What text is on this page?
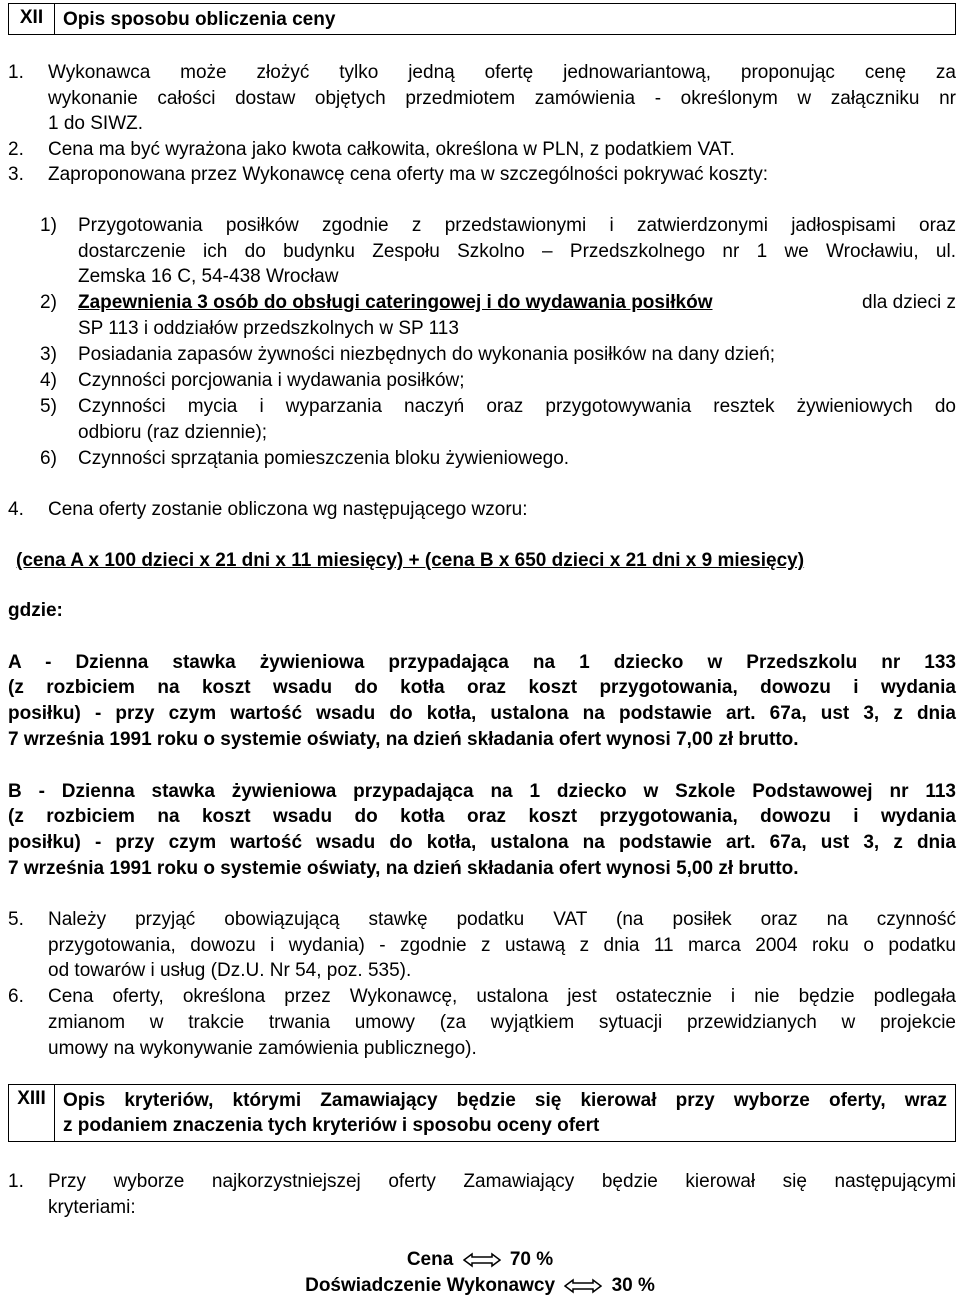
XII	Opis sposobu obliczenia ceny
1. Wykonawca może złożyć tylko jedną ofertę jednowariantową, proponując cenę za
wykonanie całości dostaw objętych przedmiotem zamówienia - określonym w załączniku nr
1 do SIWZ.
2. Cena ma być wyrażona jako kwota całkowita, określona w PLN, z podatkiem VAT.
3. Zaproponowana przez Wykonawcę cena oferty ma w szczególności pokrywać koszty:
1) Przygotowania posiłków zgodnie z przedstawionymi i zatwierdzonymi jadłospisami oraz
dostarczenie ich do budynku Zespołu Szkolno – Przedszkolnego nr 1 we Wrocławiu, ul.
Zemska 16 C, 54-438 Wrocław
2) Zapewnienia 3 osób do obsługi cateringowej i do wydawania posiłków	dla dzieci z
SP 113 i oddziałów przedszkolnych w SP 113
3) Posiadania zapasów żywności niezbędnych do wykonania posiłków na dany dzień;
4) Czynności porcjowania i wydawania posiłków;
5) Czynności mycia i wyparzania naczyń oraz przygotowywania resztek żywieniowych do
odbioru (raz dziennie);
6) Czynności sprzątania pomieszczenia bloku żywieniowego.
4. Cena oferty zostanie obliczona wg następującego wzoru:
(cena A x 100 dzieci x 21 dni x 11 miesięcy) + (cena B x 650 dzieci x 21 dni x 9 miesięcy)
gdzie:
A - Dzienna stawka żywieniowa przypadająca na 1 dziecko w Przedszkolu nr 133
(z rozbiciem na koszt wsadu do kotła oraz koszt przygotowania, dowozu i wydania
posiłku) - przy czym wartość wsadu do kotła, ustalona na podstawie art. 67a, ust 3, z dnia
7 września 1991 roku o systemie oświaty, na dzień składania ofert wynosi 7,00 zł brutto.
B - Dzienna stawka żywieniowa przypadająca na 1 dziecko w Szkole Podstawowej nr 113
(z rozbiciem na koszt wsadu do kotła oraz koszt przygotowania, dowozu i wydania
posiłku) - przy czym wartość wsadu do kotła, ustalona na podstawie art. 67a, ust 3, z dnia
7 września 1991 roku o systemie oświaty, na dzień składania ofert wynosi 5,00 zł brutto.
5. Należy przyjąć obowiązującą stawkę podatku VAT (na posiłek oraz na czynność
przygotowania, dowozu i wydania) - zgodnie z ustawą z dnia 11 marca 2004 roku o podatku
od towarów i usług (Dz.U. Nr 54, poz. 535).
6. Cena oferty, określona przez Wykonawcę, ustalona jest ostatecznie i nie będzie podlegała
zmianom w trakcie trwania umowy (za wyjątkiem sytuacji przewidzianych w projekcie
umowy na wykonywanie zamówienia publicznego).
XIII Opis kryteriów, którymi Zamawiający będzie się kierował przy wyborze oferty, wraz
z podaniem znaczenia tych kryteriów i sposobu oceny ofert
1. Przy wyborze najkorzystniejszej oferty Zamawiający będzie kierował się następującymi
kryteriami:
Cena	70 %
Doświadczenie Wykonawcy	30 %
